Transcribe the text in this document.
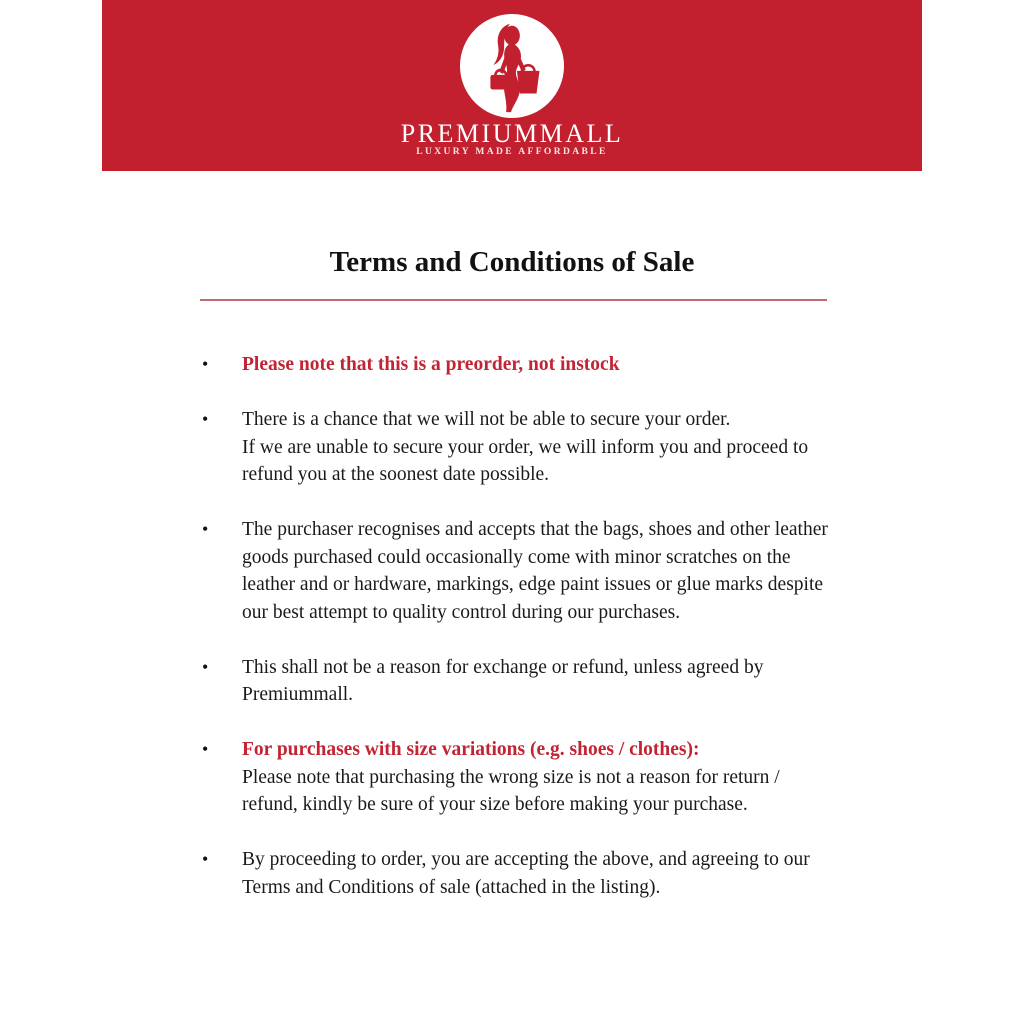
PREMIUMMALL
LUXURY MADE AFFORDABLE
Terms and Conditions of Sale
•	Please note that this is a preorder, not instock
•	There is a chance that we will not be able to secure your order.
If we are unable to secure your order, we will inform you and proceed to refund you at the soonest date possible.
•	The purchaser recognises and accepts that the bags, shoes and other leather goods purchased could occasionally come with minor scratches on the leather and or hardware, markings, edge paint issues or glue marks despite our best attempt to quality control during our purchases.
•	This shall not be a reason for exchange or refund, unless agreed by Premiummall.
•	For purchases with size variations (e.g. shoes / clothes):
Please note that purchasing the wrong size is not a reason for return / refund, kindly be sure of your size before making your purchase.
•	By proceeding to order, you are accepting the above, and agreeing to our Terms and Conditions of sale (attached in the listing).
